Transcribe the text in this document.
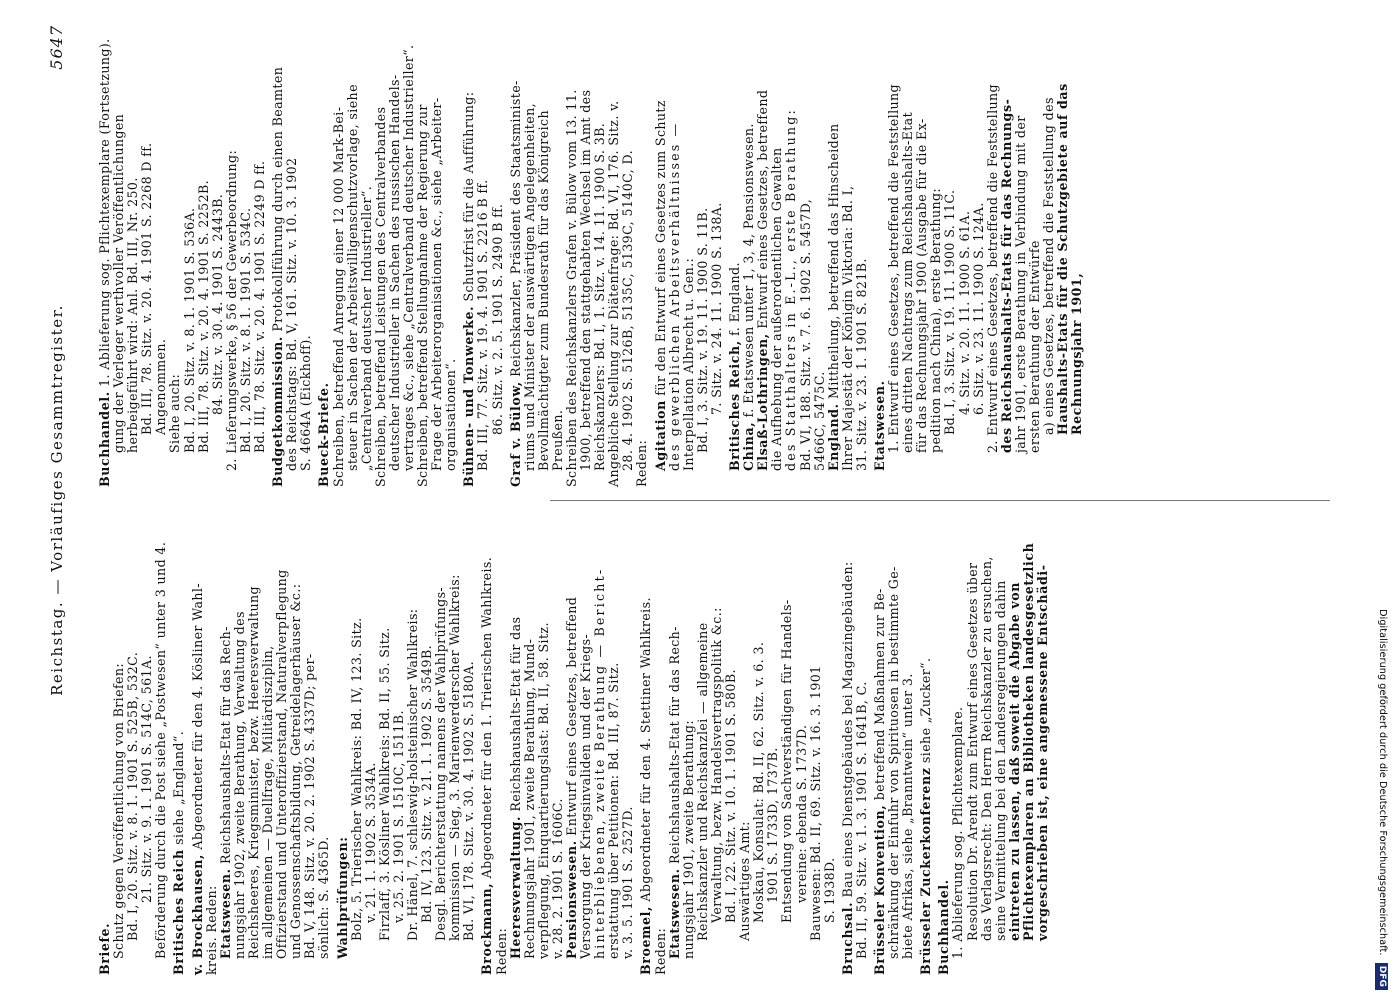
Reichstag. — Vorläufiges Gesammtregister.
5647
Briefe. Schutz gegen Veröffentlichung von Briefen: Bd. I, 20. Sitz. v. 8. 1. 1901 S. 525B, 532C. 21. Sitz. v. 9. 1. 1901 S. 514C, 561A. Beförderung durch die Post siehe „Postwesen“ unter 3 und 4. Britisches Reich siehe „England“.
v. Brockhausen, Abgeordneter für den 4. Kösliner Wahl-
kreis. Reden: Etatswesen. Reichshaushalts-Etat für das Rech- nungsjahr 1902, zweite Berathung, Verwaltung des Reichsheeres, Kriegsminister, bezw. Heeresverwaltung im allgemeinen — Duellfrage, Militärdisziplin, Offizierstand und Unteroffizierstand, Naturalverpflegung und Genossenschaftsbildung, Getreidelagerhäuser &c.: Bd. V, 148. Sitz. v. 20. 2. 1902 S. 4337D; per- sönlich: S. 4365D. Wahlprüfungen: Bolz, 5. Trierischer Wahlkreis: Bd. IV, 123. Sitz. v. 21. 1. 1902 S. 3534A. Firzlaff, 3. Kösliner Wahlkreis: Bd. II, 55. Sitz. v. 25. 2. 1901 S. 1510C, 1511B. Dr. Hänel, 7. schleswig-holsteinischer Wahlkreis: Bd. IV, 123. Sitz. v. 21. 1. 1902 S. 3549B. Desgl. Berichterstattung namens der Wahlprüfungs- kommission — Sieg, 3. Marienwerderscher Wahlkreis: Bd. VI, 178. Sitz. v. 30. 4. 1902 S. 5180A. Brockmann, Abgeordneter für den 1. Trierischen Wahlkreis.
Reden: Heeresverwaltung. Reichshaushalts-Etat für das Rechnungsjahr 1901, zweite Berathung, Mund- verpflegung, Einquartierungslast: Bd. II, 58. Sitz. v. 28. 2. 1901 S. 1606C. Pensionswesen. Entwurf eines Gesetzes, betreffend Versorgung der Kriegsinvaliden und der Kriegs- hinterbliebenen, zweite Berathung — Bericht- erstattung über Petitionen: Bd. III, 87. Sitz. v. 3. 5. 1901 S. 2527D. Broemel, Abgeordneter für den 4. Stettiner Wahlkreis.
Reden: Etatswesen. Reichshaushalts-Etat für das Rech- nungsjahr 1901, zweite Berathung: Reichskanzler und Reichskanzlei — allgemeine Verwaltung, bezw. Handelsvertragspolitik &c.: Bd. I, 22. Sitz. v. 10. 1. 1901 S. 580B. Auswärtiges Amt: Moskau, Konsulat: Bd. II, 62. Sitz. v. 6. 3. 1901 S. 1733D, 1737B. Entsendung von Sachverständigen für Handels- vereine: ebenda S. 1737D. Bauwesen: Bd. II, 69. Sitz. v. 16. 3. 1901 S. 1938D.
Bruchsal. Bau eines Dienstgebäudes bei Magazingebäuden: Bd. II, 59. Sitz. v. 1. 3. 1901 S. 1641B, C. Brüsseler Konvention, betreffend Maßnahmen zur Be- schränkung der Einfuhr von Spirituosen in bestimmte Ge- biete Afrikas, siehe „Branntwein“ unter 3. Brüsseler Zuckerkonferenz siehe „Zucker“.
Buchhandel. 1. Ablieferung sog. Pflichtexemplare. Resolution Dr. Arendt zum Entwurf eines Gesetzes über das Verlagsrecht: Den Herrn Reichskanzler zu ersuchen, seine Vermittelung bei den Landesregierungen dahin eintreten zu lassen, daß soweit die Abgabe von Pflichtexemplaren an Bibliotheken landesgesetzlich vorgeschrieben ist, eine angemessene Entschädi-
Buchhandel. 1. Ablieferung sog. Pflichtexemplare (Fortsetzung). gung der Verleger werthvoller Veröffentlichungen herbeigeführt wird: Anl. Bd. III, Nr. 250. Bd. III, 78. Sitz. v. 20. 4. 1901 S. 2268 D ff. Angenommen. Siehe auch: Bd. I, 20. Sitz. v. 8. 1. 1901 S. 536A. Bd. III, 78. Sitz. v. 20. 4. 1901 S. 2252B. 84. Sitz. v. 30. 4. 1901 S. 2443B. 2. Lieferungswerke, § 56 der Gewerbeordnung: Bd. I, 20. Sitz. v. 8. 1. 1901 S. 534C. Bd. III, 78. Sitz. v. 20. 4. 1901 S. 2249 D ff. Budgetkommission. Protokollführung durch einen Beamten des Reichstags: Bd. V, 161. Sitz. v. 10. 3. 1902 S. 4664A (Eickhoff). Bueck-Briefe. Schreiben, betreffend Anregung einer 12 000 Mark-Bei- steuer in Sachen der Arbeitswilligenschutzvorlage, siehe „Centralverband deutscher Industrieller“. Schreiben, betreffend Leistungen des Centralverbandes deutscher Industrieller in Sachen des russischen Handels- vertrages &c., siehe „Centralverband deutscher Industrieller“. Schreiben, betreffend Stellungnahme der Regierung zur Frage der Arbeiterorganisationen &c., siehe „Arbeiter- organisationen“. Bühnen- und Tonwerke. Schutzfrist für die Aufführung: Bd. III, 77. Sitz. v. 19. 4. 1901 S. 2216 B ff. 86. Sitz. v. 2. 5. 1901 S. 2490 B ff. Graf v. Bülow, Reichskanzler, Präsident des Staatsministe- riums und Minister der auswärtigen Angelegenheiten, Bevollmächtigter zum Bundesrath für das Königreich Preußen. Schreiben des Reichskanzlers Grafen v. Bülow vom 13. 11. 1900, betreffend den stattgehabten Wechsel im Amt des Reichskanzlers: Bd. I, 1. Sitz. v. 14. 11. 1900 S. 3B. Angebliche Stellung zur Diätenfrage: Bd. VI, 176. Sitz. v. 28. 4. 1902 S. 5126B, 5135C, 5139C, 5140C, D. Reden: Agitation für den Entwurf eines Gesetzes zum Schutz des gewerblichen Arbeitsverhältnisses — Interpellation Albrecht u. Gen.: Bd. I, 3. Sitz. v. 19. 11. 1900 S. 11B. 7. Sitz. v. 24. 11. 1900 S. 138A. Britisches Reich, f. England.
China, f. Etatswesen unter 1, 3, 4, Pensionswesen. Elsaß-Lothringen, Entwurf eines Gesetzes, betreffend die Aufhebung der außerordentlichen Gewalten des Statthalters in E.-L., erste Berathung: Bd. VI, 188. Sitz. v. 7. 6. 1902 S. 5457D, 5466C, 5475C. England. Mittheilung, betreffend das Hinscheiden Ihrer Majestät der Königin Viktoria: Bd. I, 31. Sitz. v. 23. 1. 1901 S. 821B. Etatswesen. 1. Entwurf eines Gesetzes, betreffend die Feststellung eines dritten Nachtrags zum Reichshaushalts-Etat für das Rechnungsjahr 1900 (Ausgabe für die Ex- pedition nach China), erste Berathung: Bd. I, 3. Sitz. v. 19. 11. 1900 S. 11C. 4. Sitz. v. 20. 11. 1900 S. 61A. 6. Sitz. v. 23. 11. 1900 S. 124A. 2. Entwurf eines Gesetzes, betreffend die Feststellung des Reichshaushalts-Etats für das Rechnungs- jahr 1901, erste Berathung in Verbindung mit der ersten Berathung der Entwürfe a) eines Gesetzes, betreffend die Feststellung des Haushalts-Etats für die Schutzgebiete auf das Rechnungsjahr 1901,
Digitalisierung gefördert durch die Deutsche Forschungsgemeinschaft. DFG
